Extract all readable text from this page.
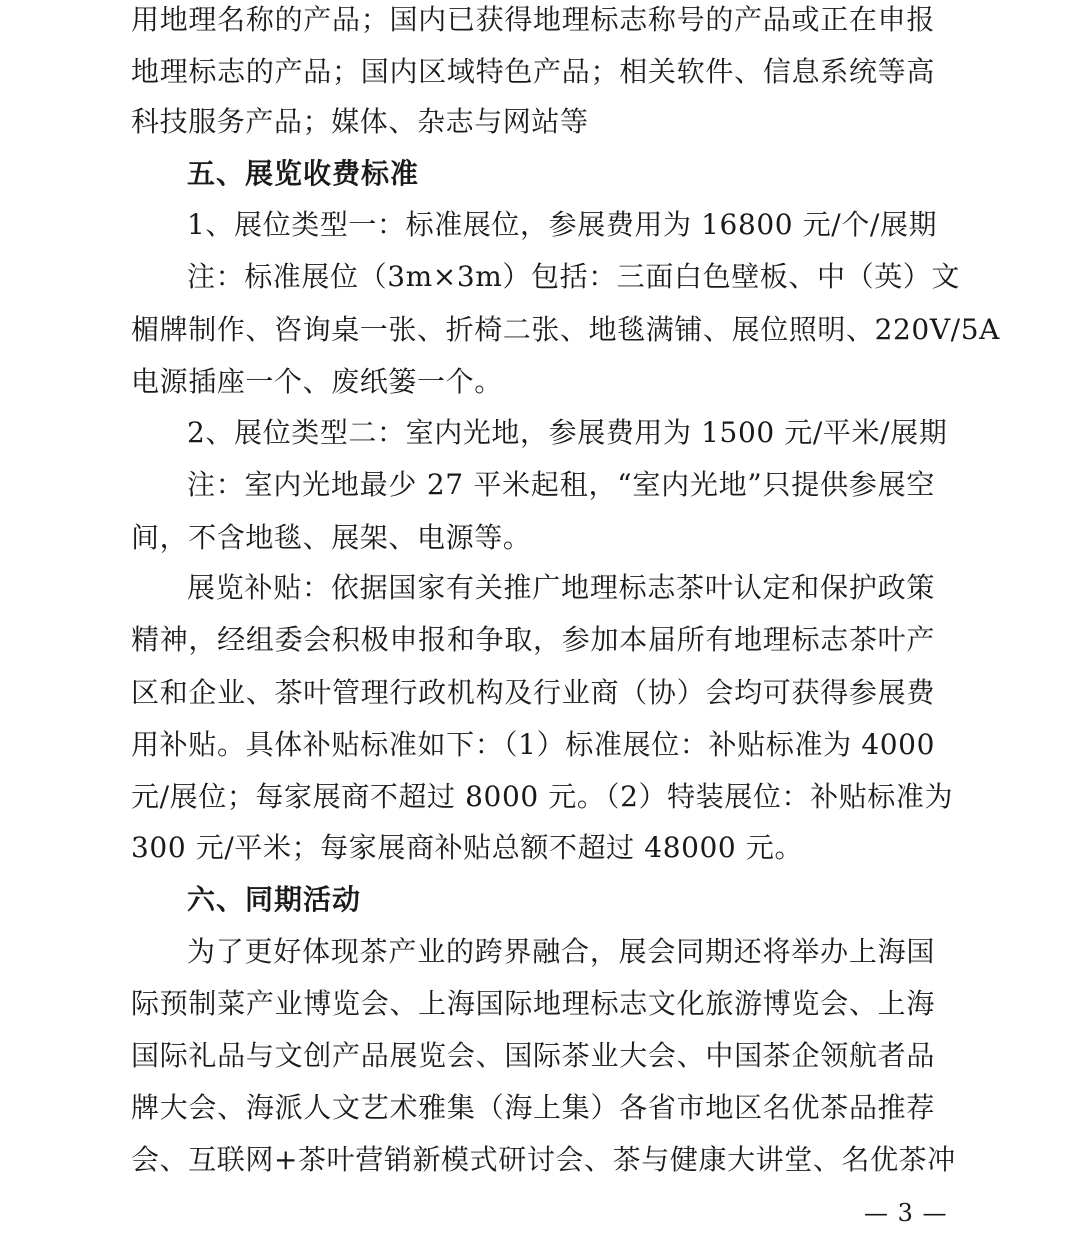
用地理名称的产品；国内已获得地理标志称号的产品或正在申报
地理标志的产品；国内区域特色产品；相关软件、信息系统等高
科技服务产品；媒体、杂志与网站等
五、展览收费标准
1、展位类型一：标准展位，参展费用为 16800 元/个/展期
注：标准展位（3m×3m）包括：三面白色壁板、中（英）文
楣牌制作、咨询桌一张、折椅二张、地毯满铺、展位照明、220V/5A
电源插座一个、废纸篓一个。
2、展位类型二：室内光地，参展费用为 1500 元/平米/展期
注：室内光地最少 27 平米起租，“室内光地”只提供参展空
间，不含地毯、展架、电源等。
展览补贴：依据国家有关推广地理标志茶叶认定和保护政策
精神，经组委会积极申报和争取，参加本届所有地理标志茶叶产
区和企业、茶叶管理行政机构及行业商（协）会均可获得参展费
用补贴。具体补贴标准如下：（1）标准展位：补贴标准为 4000
元/展位；每家展商不超过 8000 元。（2）特装展位：补贴标准为
300 元/平米；每家展商补贴总额不超过 48000 元。
六、同期活动
为了更好体现茶产业的跨界融合，展会同期还将举办上海国
际预制菜产业博览会、上海国际地理标志文化旅游博览会、上海
国际礼品与文创产品展览会、国际茶业大会、中国茶企领航者品
牌大会、海派人文艺术雅集（海上集）各省市地区名优茶品推荐
会、互联网+茶叶营销新模式研讨会、茶与健康大讲堂、名优茶冲
— 3 —
